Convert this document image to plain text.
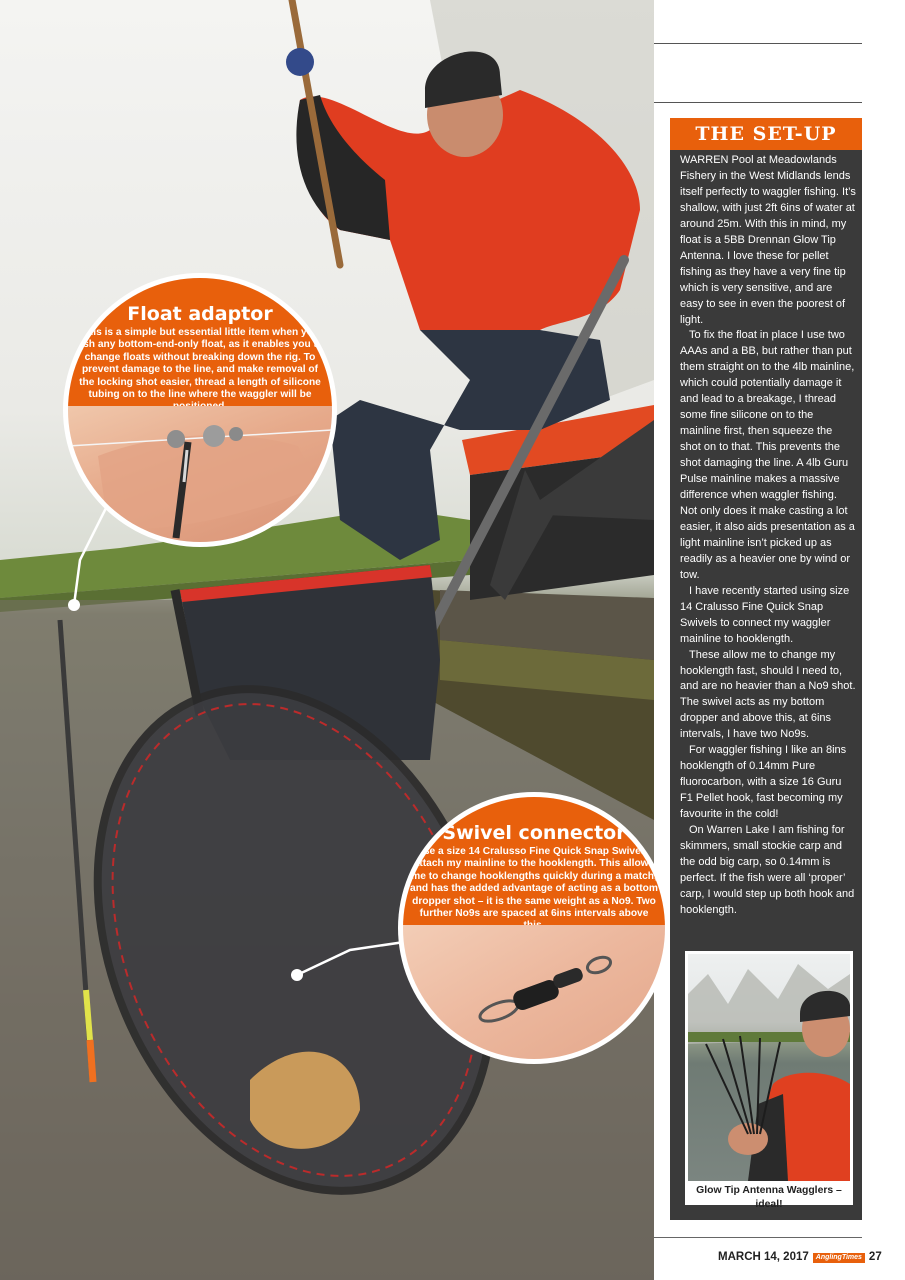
Float adaptor
This is a simple but essential little item when you fish any bottom-end-only float, as it enables you to change floats without breaking down the rig. To prevent damage to the line, and make removal of the locking shot easier, thread a length of silicone tubing on to the line where the waggler will be
Swivel connector
I use a size 14 Cralusso Fine Quick Snap Swivel to attach my mainline to the hooklength. This allows me to change hooklengths quickly during a match, and has the added advantage of acting as a bottom dropper shot – it is the same weight as a No9. Two further No9s are spaced at 6ins intervals above
THE SET-UP

WARREN Pool at Meadowlands Fishery in the West Midlands lends itself perfectly to waggler fishing. It’s shallow, with just 2ft 6ins of water at around 25m. With this in mind, my float is a 5BB Drennan Glow Tip Antenna. I love these for pellet fishing as they have a very fine tip which is very sensitive, and are easy to see in even the poorest of light.

To fix the float in place I use two AAAs and a BB, but rather than put them straight on to the 4lb mainline, which could potentially damage it and lead to a breakage, I thread some fine silicone on to the mainline first, then squeeze the shot on to that. This prevents the shot damaging the line. A 4lb Guru Pulse mainline makes a massive difference when waggler fishing. Not only does it make casting a lot easier, it also aids presentation as a light mainline isn’t picked up as readily as a heavier one by wind or tow.

I have recently started using size 14 Cralusso Fine Quick Snap Swivels to connect my waggler mainline to hooklength.

These allow me to change my hooklength fast, should I need to, and are no heavier than a No9 shot. The swivel acts as my bottom dropper and above this, at 6ins intervals, I have two No9s.

For waggler fishing I like an 8ins hooklength of 0.14mm Pure fluorocarbon, with a size 16 Guru F1 Pellet hook, fast becoming my favourite in the cold!

On Warren Lake I am fishing for skimmers, small stockie carp and the odd big carp, so 0.14mm is perfect. If the fish were all ‘proper’ carp, I would step up both hook and hooklength.

Glow Tip Antenna Wagglers – ideal!
MARCH 14, 2017 AnglingTimes 27
